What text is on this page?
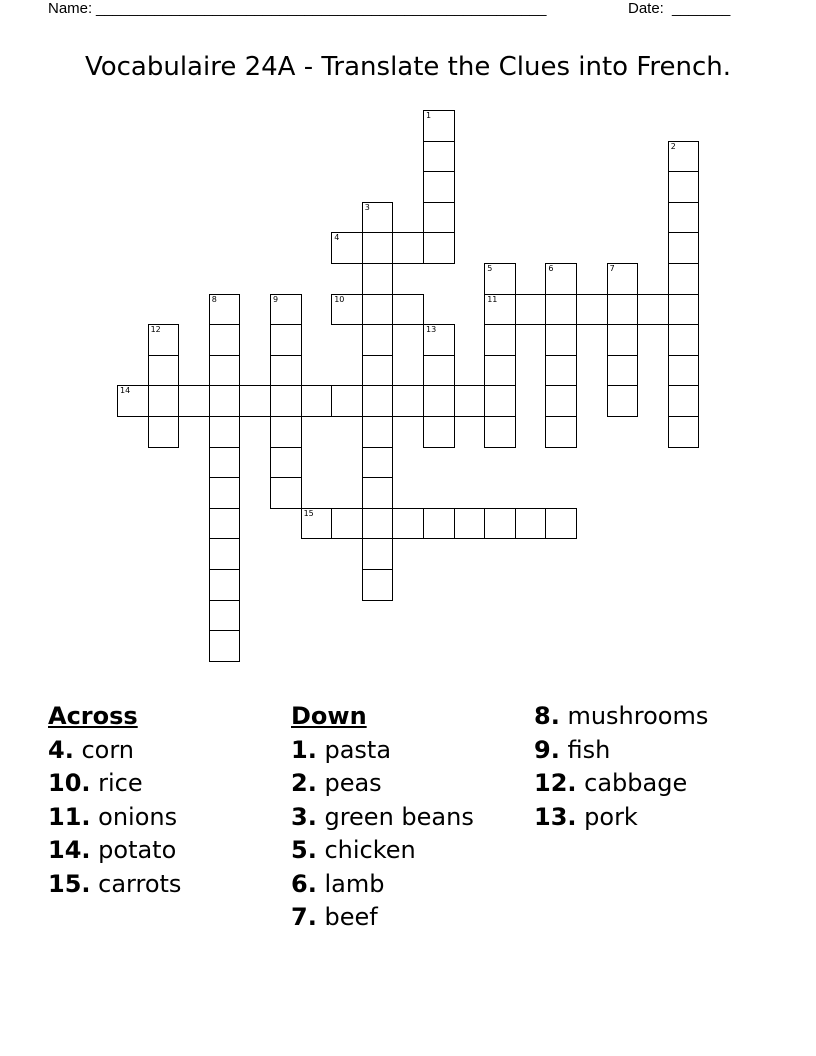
Name: ______________________________________________________	Date: _______
Vocabulaire 24A - Translate the Clues into French.
1
2
3
4
5
11
6	7
8	9	10
12	13
14
15
Across
4. corn
10. rice
11. onions
14. potato
15. carrots
Down
1. pasta
2. peas
3. green beans
5. chicken
6. lamb
7. beef
8. mushrooms
9. fish
12. cabbage
13. pork
